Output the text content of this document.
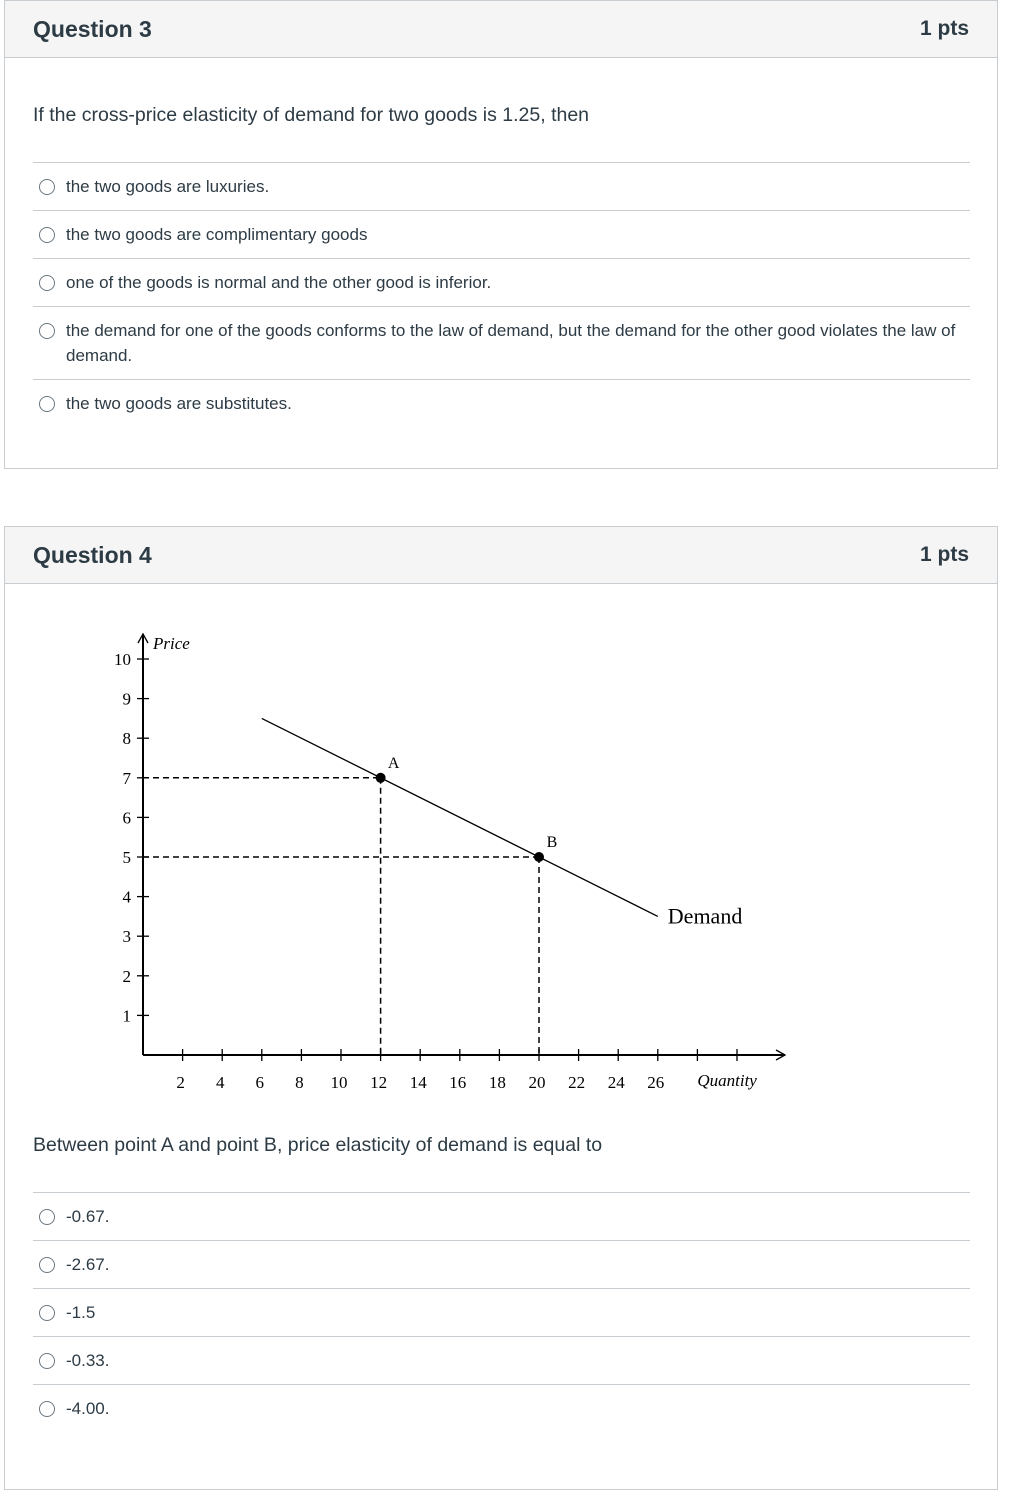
Question 3	1 pts
If the cross-price elasticity of demand for two goods is 1.25, then
the two goods are luxuries.
the two goods are complimentary goods
one of the goods is normal and the other good is inferior.
the demand for one of the goods conforms to the law of demand, but the demand for the other good violates the law of demand.
the two goods are substitutes.
Question 4	1 pts
2 4 6 8 10 12 14 16 18 20 22 24 26
1
2
3
4
5
6
7
8
9
10
Price
Quantity
Demand
A
B
Between point A and point B, price elasticity of demand is equal to
-0.67.
-2.67.
-1.5
-0.33.
-4.00.
